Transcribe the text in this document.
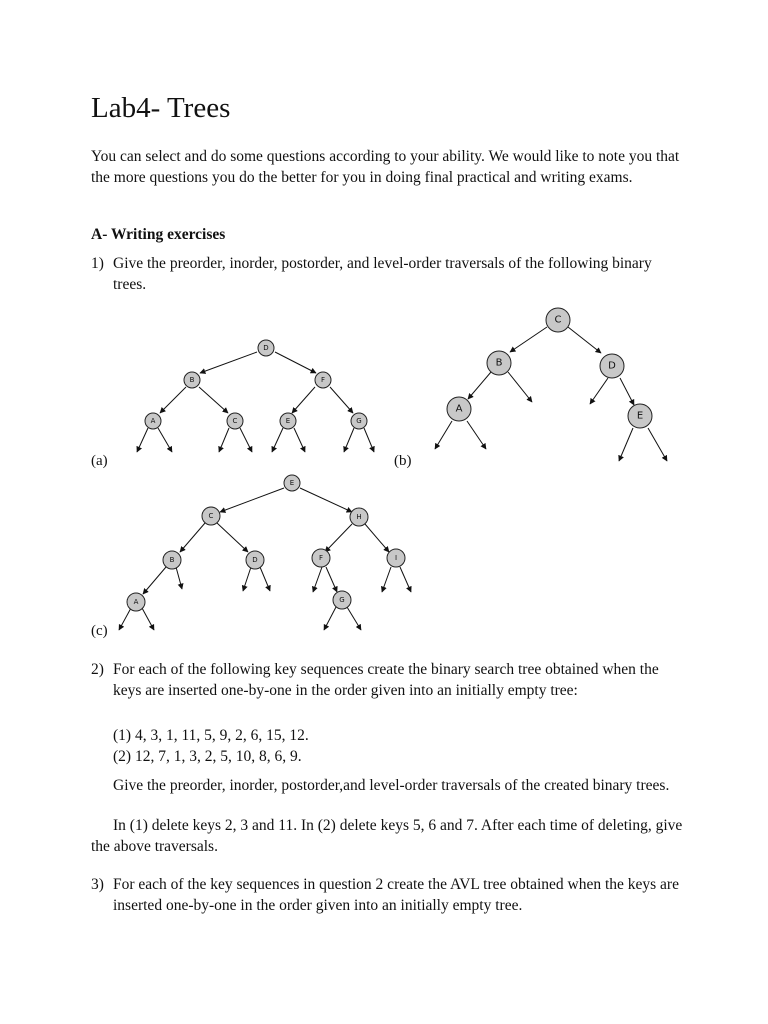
Lab4- Trees

You can select and do some questions according to your ability. We would like to note you that the more questions you do the better for you in doing final practical and writing exams.

A- Writing exercises
1) Give the preorder, inorder, postorder, and level-order traversals of the following binary trees.
D
B	F
A	C	E	G
C
B	D
A
E
E
C	H
B	D	F	I
A	G
(a)	(b)
(c)
2) For each of the following key sequences create the binary search tree obtained when the keys are inserted one-by-one in the order given into an initially empty tree:
(1) 4, 3, 1, 11, 5, 9, 2, 6, 15, 12.
(2) 12, 7, 1, 3, 2, 5, 10, 8, 6, 9.

Give the preorder, inorder, postorder,and level-order traversals of the created binary trees.

In (1) delete keys 2, 3 and 11. In (2) delete keys 5, 6 and 7. After each time of deleting, give the above traversals.

3) For each of the key sequences in question 2 create the AVL tree obtained when the keys are inserted one-by-one in the order given into an initially empty tree.
